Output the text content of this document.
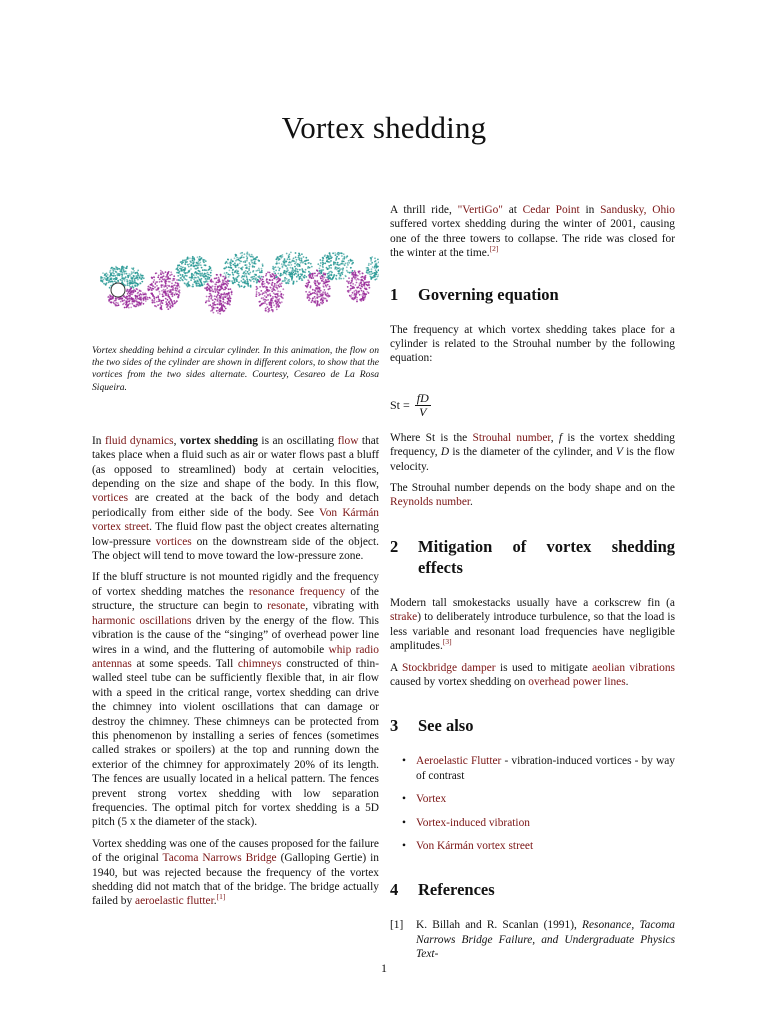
Vortex shedding
Vortex shedding behind a circular cylinder. In this animation, the flow on the two sides of the cylinder are shown in different colors, to show that the vortices from the two sides alternate. Courtesy, Cesareo de La Rosa Siqueira.

In fluid dynamics, vortex shedding is an oscillating flow that takes place when a fluid such as air or water flows past a bluff (as opposed to streamlined) body at certain velocities, depending on the size and shape of the body. In this flow, vortices are created at the back of the body and detach periodically from either side of the body. See Von Kármán vortex street. The fluid flow past the object creates alternating low-pressure vortices on the downstream side of the object. The object will tend to move toward the low-pressure zone.

If the bluff structure is not mounted rigidly and the frequency of vortex shedding matches the resonance frequency of the structure, the structure can begin to resonate, vibrating with harmonic oscillations driven by the energy of the flow. This vibration is the cause of the “singing” of overhead power line wires in a wind, and the fluttering of automobile whip radio antennas at some speeds. Tall chimneys constructed of thin-walled steel tube can be sufficiently flexible that, in air flow with a speed in the critical range, vortex shedding can drive the chimney into violent oscillations that can damage or destroy the chimney. These chimneys can be protected from this phenomenon by installing a series of fences (sometimes called strakes or spoilers) at the top and running down the exterior of the chimney for approximately 20% of its length. The fences are usually located in a helical pattern. The fences prevent strong vortex shedding with low separation frequencies. The optimal pitch for vortex shedding is a 5D pitch (5 x the diameter of the stack).

Vortex shedding was one of the causes proposed for the failure of the original Tacoma Narrows Bridge (Galloping Gertie) in 1940, but was rejected because the frequency of the vortex shedding did not match that of the bridge. The bridge actually failed by aeroelastic flutter.[1]

A thrill ride, "VertiGo" at Cedar Point in Sandusky, Ohio suffered vortex shedding during the winter of 2001, causing one of the three towers to collapse. The ride was closed for the winter at the time.[2]

1	Governing equation

The frequency at which vortex shedding takes place for a cylinder is related to the Strouhal number by the following equation:

$St = \frac{fD}{V}$

Where St is the Strouhal number, f is the vortex shedding frequency, D is the diameter of the cylinder, and V is the flow velocity.

The Strouhal number depends on the body shape and on the Reynolds number.

2	Mitigation of vortex shedding effects

Modern tall smokestacks usually have a corkscrew fin (a strake) to deliberately introduce turbulence, so that the load is less variable and resonant load frequencies have negligible amplitudes.[3]

A Stockbridge damper is used to mitigate aeolian vibrations caused by vortex shedding on overhead power lines.

3	See also
• Aeroelastic Flutter - vibration-induced vortices - by way of contrast
• Vortex
• Vortex-induced vibration
• Von Kármán vortex street
4	References
[1]	K. Billah and R. Scanlan (1991), Resonance, Tacoma Narrows Bridge Failure, and Undergraduate Physics Text-
1
